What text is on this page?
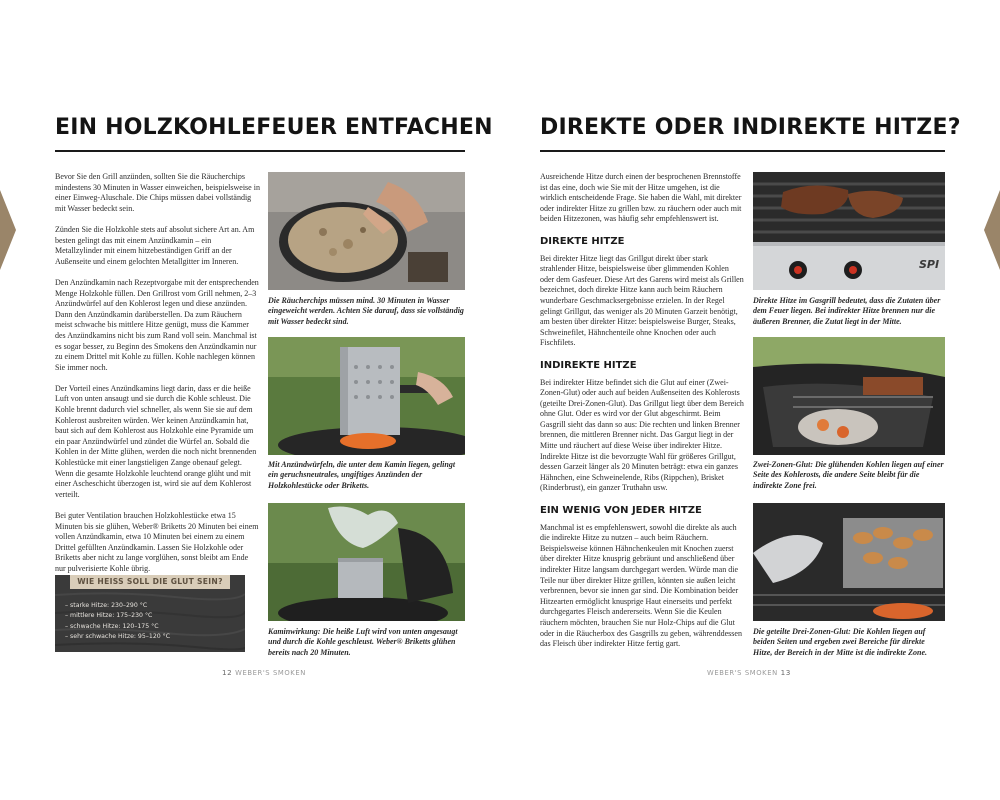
EIN HOLZKOHLEFEUER ENTFACHEN

Bevor Sie den Grill anzünden, sollten Sie die Räucherchips mindestens 30 Minuten in Wasser einweichen, beispielsweise in einer Einweg-Aluschale. Die Chips müssen dabei vollständig mit Wasser bedeckt sein.

Zünden Sie die Holzkohle stets auf absolut sichere Art an. Am besten gelingt das mit einem Anzündkamin – ein Metallzylinder mit einem hitzebeständigen Griff an der Außenseite und einem gelochten Metallgitter im Inneren.

Den Anzündkamin nach Rezeptvorgabe mit der entsprechenden Menge Holzkohle füllen. Den Grillrost vom Grill nehmen, 2–3 Anzündwürfel auf den Kohlerost legen und diese anzünden. Dann den Anzündkamin darüberstellen. Da zum Räuchern meist schwache bis mittlere Hitze genügt, muss die Kammer des Anzündkamins nicht bis zum Rand voll sein. Manchmal ist es sogar besser, zu Beginn des Smokens den Anzündkamin nur zu einem Drittel mit Kohle zu füllen. Kohle nachlegen können Sie immer noch.

Der Vorteil eines Anzündkamins liegt darin, dass er die heiße Luft von unten ansaugt und sie durch die Kohle schleust. Die Kohle brennt dadurch viel schneller, als wenn Sie sie auf dem Kohlerost ausbreiten würden. Wer keinen Anzündkamin hat, baut sich auf dem Kohlerost aus Holzkohle eine Pyramide um ein paar Anzündwürfel und zündet die Würfel an. Sobald die Kohlen in der Mitte glühen, werden die noch nicht brennenden Kohlestücke mit einer langstieligen Zange obenauf gelegt. Wenn die gesamte Holzkohle leuchtend orange glüht und mit einer Ascheschicht überzogen ist, wird sie auf dem Kohlerost verteilt.

Bei guter Ventilation brauchen Holzkohlestücke etwa 15 Minuten bis sie glühen, Weber® Briketts 20 Minuten bei einem vollen Anzündkamin, etwa 10 Minuten bei einem zu einem Drittel gefüllten Anzündkamin. Lassen Sie Holzkohle oder Briketts aber nicht zu lange vorglühen, sonst bleibt am Ende nur pulverisierte Kohle übrig.

WIE HEISS SOLL DIE GLUT SEIN?
– starke Hitze: 230–290 °C
– mittlere Hitze: 175–230 °C
– schwache Hitze: 120–175 °C
– sehr schwache Hitze: 95–120 °C
Die Räucherchips müssen mind. 30 Minuten in Wasser eingeweicht werden. Achten Sie darauf, dass sie vollständig mit Wasser bedeckt sind.
Mit Anzündwürfeln, die unter dem Kamin liegen, gelingt ein geruchsneutrales, ungiftiges Anzünden der Holzkohlestücke oder Briketts.
Kaminwirkung: Die heiße Luft wird von unten angesaugt und durch die Kohle geschleust. Weber® Briketts glühen bereits nach 20 Minuten.
12 WEBER'S SMOKEN
DIREKTE ODER INDIREKTE HITZE?

Ausreichende Hitze durch einen der besprochenen Brennstoffe ist das eine, doch wie Sie mit der Hitze umgehen, ist die wirklich entscheidende Frage. Sie haben die Wahl, mit direkter oder indirekter Hitze zu grillen bzw. zu räuchern oder auch mit beiden Hitzezonen, was häufig sehr empfehlenswert ist.

DIREKTE HITZE

Bei direkter Hitze liegt das Grillgut direkt über stark strahlender Hitze, beispielsweise über glimmenden Kohlen oder dem Gasfeuer. Diese Art des Garens wird meist als Grillen bezeichnet, doch direkte Hitze kann auch beim Räuchern wunderbare Geschmacksergebnisse erzielen. In der Regel gelingt Grillgut, das weniger als 20 Minuten Garzeit benötigt, am besten über direkter Hitze: beispielsweise Burger, Steaks, Schweinefilet, Hähnchenteile ohne Knochen oder auch Fischfilets.

INDIREKTE HITZE

Bei indirekter Hitze befindet sich die Glut auf einer (Zwei-Zonen-Glut) oder auch auf beiden Außenseiten des Kohlerosts (geteilte Drei-Zonen-Glut). Das Grillgut liegt über dem Bereich ohne Glut. Oder es wird vor der Glut abgeschirmt. Beim Gasgrill sieht das dann so aus: Die rechten und linken Brenner brennen, die mittleren Brenner nicht. Das Gargut liegt in der Mitte und räuchert auf diese Weise über indirekter Hitze. Indirekte Hitze ist die bevorzugte Wahl für größeres Grillgut, dessen Garzeit länger als 20 Minuten beträgt: etwa ein ganzes Hähnchen, eine Schweinelende, Ribs (Rippchen), Brisket (Rinderbrust), ein ganzer Truthahn usw.

EIN WENIG VON JEDER HITZE

Manchmal ist es empfehlenswert, sowohl die direkte als auch die indirekte Hitze zu nutzen – auch beim Räuchern. Beispielsweise können Hähnchenkeulen mit Knochen zuerst über direkter Hitze knusprig gebräunt und anschließend über indirekter Hitze langsam durchgegart werden. Würde man die Teile nur über direkter Hitze grillen, könnten sie außen leicht verbrennen, bevor sie innen gar sind. Die Kombination beider Hitzearten ermöglicht knusprige Haut einerseits und perfekt durchgegartes Fleisch andererseits. Wenn Sie die Keulen räuchern möchten, brauchen Sie nur Holz-Chips auf die Glut oder in die Räucherbox des Gasgrills zu geben, währenddessen das Fleisch über indirekter Hitze fertig gart.

SPI
Direkte Hitze im Gasgrill bedeutet, dass die Zutaten über dem Feuer liegen. Bei indirekter Hitze brennen nur die äußeren Brenner, die Zutat liegt in der Mitte.
Zwei-Zonen-Glut: Die glühenden Kohlen liegen auf einer Seite des Kohlerosts, die andere Seite bleibt für die indirekte Zone frei.
Die geteilte Drei-Zonen-Glut: Die Kohlen liegen auf beiden Seiten und ergeben zwei Bereiche für direkte Hitze, der Bereich in der Mitte ist die indirekte Zone.
WEBER'S SMOKEN 13
